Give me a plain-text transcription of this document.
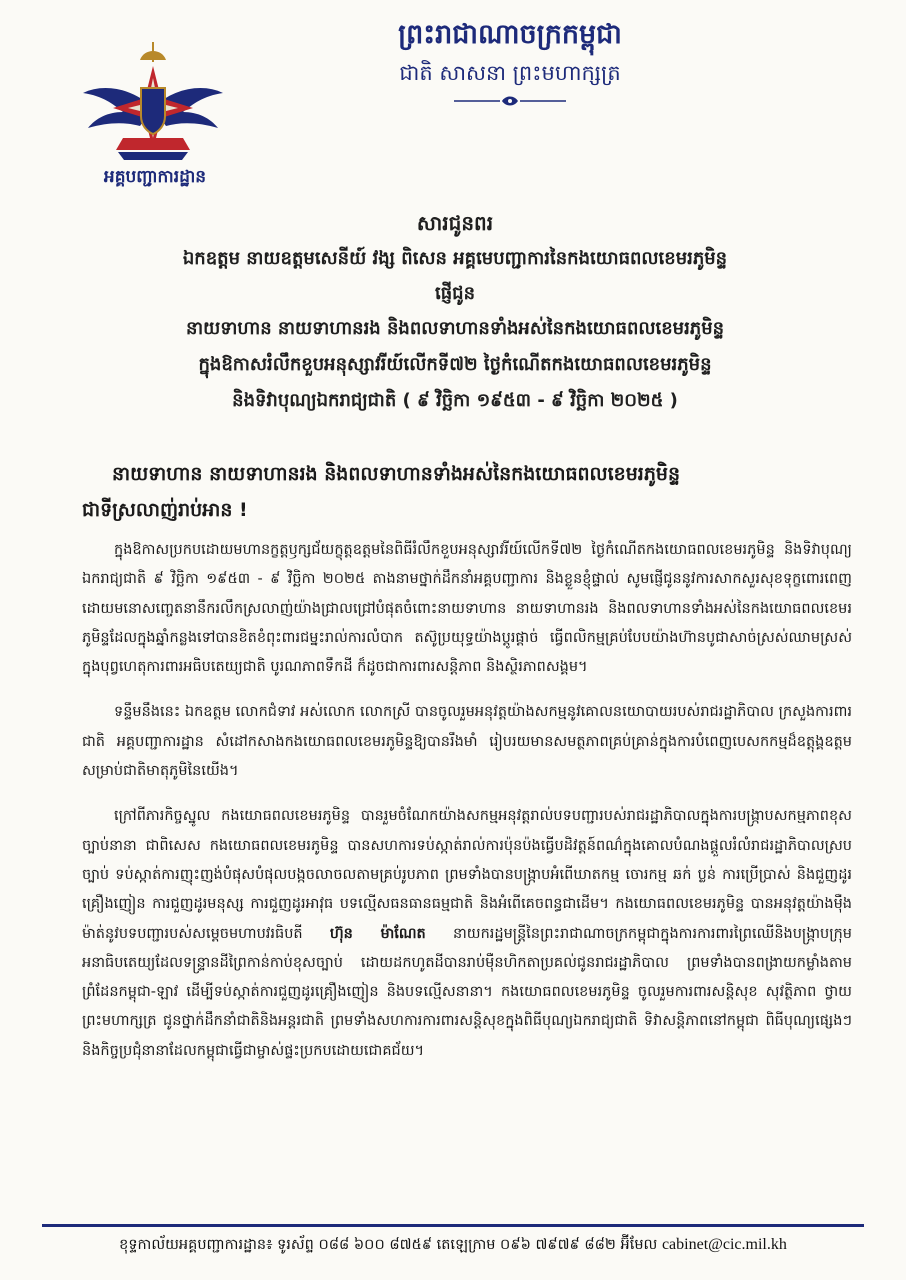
អគ្គបញ្ជាការដ្ឋាន
ព្រះរាជាណាចក្រកម្ពុជា
ជាតិ សាសនា ព្រះមហាក្សត្រ
សារជូនពរ
ឯកឧត្តម នាយឧត្តមសេនីយ៍ វង្ស ពិសេន អគ្គមេបញ្ជាការនៃកងយោធពលខេមរភូមិន្ទ
ផ្ញើជូន
នាយទាហាន នាយទាហានរង និងពលទាហានទាំងអស់នៃកងយោធពលខេមរភូមិន្ទ
ក្នុងឱកាសរំលឹកខួបអនុស្សាវរីយ៍លើកទី៧២ ថ្ងៃកំណើតកងយោធពលខេមរភូមិន្ទ
និងទិវាបុណ្យឯករាជ្យជាតិ ( ៩ វិច្ឆិកា ១៩៥៣ - ៩ វិច្ឆិកា ២០២៥ )
នាយទាហាន នាយទាហានរង និងពលទាហានទាំងអស់នៃកងយោធពលខេមរភូមិន្ទ
ជាទីស្រលាញ់រាប់អាន !

ក្នុងឱកាសប្រកបដោយមហានក្ខត្តឫក្សជ័យក្ខុត្តឧត្តមនៃពិធីរំលឹកខួបអនុស្សាវរីយ៍លើកទី៧២ ថ្ងៃកំណើតកងយោធពលខេមរភូមិន្ទ និងទិវាបុណ្យឯករាជ្យជាតិ ៩ វិច្ឆិកា ១៩៥៣ - ៩ វិច្ឆិកា ២០២៥ តាងនាមថ្នាក់ដឹកនាំអគ្គបញ្ជាការ និងខ្លួនខ្ញុំផ្ទាល់ សូមផ្ញើជូននូវការសាកសួរសុខទុក្ខពោរពេញដោយមនោសញ្ចេតនានឹករលឹកស្រលាញ់យ៉ាងជ្រាលជ្រៅបំផុតចំពោះនាយទាហាន នាយទាហានរង និងពលទាហានទាំងអស់នៃកងយោធពលខេមរភូមិន្ទដែលក្នុងឆ្នាំកន្លងទៅបានខិតខំពុះពារជម្នះរាល់ការលំបាក តស៊ូប្រយុទ្ធយ៉ាងប្តូរផ្តាច់ ធ្វើពលិកម្មគ្រប់បែបយ៉ាងហ៊ានបូជាសាច់ស្រស់ឈាមស្រស់ក្នុងបុព្វហេតុការពារអធិបតេយ្យជាតិ បូរណភាពទឹកដី ក៏ដូចជាការពារសន្តិភាព និងស្ថិរភាពសង្គម។

ទន្ទឹមនឹងនេះ ឯកឧត្តម លោកជំទាវ អស់លោក លោកស្រី បានចូលរួមអនុវត្តយ៉ាងសកម្មនូវគោលនយោបាយរបស់រាជរដ្ឋាភិបាល ក្រសួងការពារជាតិ អគ្គបញ្ជាការដ្ឋាន សំដៅកសាងកងយោធពលខេមរភូមិន្ទឱ្យបានរឹងមាំ រៀបរយមានសមត្ថភាពគ្រប់គ្រាន់ក្នុងការបំពេញបេសកកម្មដ៏ឧត្តុង្គឧត្តមសម្រាប់ជាតិមាតុភូមិនៃយើង។

ក្រៅពីភារកិច្ចស្នូល កងយោធពលខេមរភូមិន្ទ បានរួមចំណែកយ៉ាងសកម្មអនុវត្តរាល់បទបញ្ជារបស់រាជរដ្ឋាភិបាលក្នុងការបង្ក្រាបសកម្មភាពខុសច្បាប់នានា ជាពិសេស កងយោធពលខេមរភូមិន្ទ បានសហការទប់ស្កាត់រាល់ការប៉ុនប៉ងធ្វើបដិវត្តន៍ពណ៌ក្នុងគោលបំណងផ្តួលរំលំរាជរដ្ឋាភិបាលស្របច្បាប់ ទប់ស្កាត់ការញុះញង់បំផុសបំផុលបង្កចលាចលតាមគ្រប់រូបភាព ព្រមទាំងបានបង្ក្រាបអំពើឃាតកម្ម ចោរកម្ម ឆក់ ប្លន់ ការប្រើប្រាស់ និងជួញដូរគ្រឿងញៀន ការជួញដូរមនុស្ស ការជួញដូរអាវុធ បទល្មើសធនធានធម្មជាតិ និងអំពើគេចពន្ធជាដើម។ កងយោធពលខេមរភូមិន្ទ បានអនុវត្តយ៉ាងម៉ឺងម៉ាត់នូវបទបញ្ជារបស់សម្តេចមហាបវរធិបតី ហ៊ុន ម៉ាណែត នាយករដ្ឋមន្ត្រីនៃព្រះរាជាណាចក្រកម្ពុជាក្នុងការការពារព្រៃឈើនិងបង្ក្រាបក្រុមអនាធិបតេយ្យដែលទន្ទ្រានដីព្រៃកាន់កាប់ខុសច្បាប់ ដោយដកហូតដីបានរាប់ម៉ឺនហិកតាប្រគល់ជូនរាជរដ្ឋាភិបាល ព្រមទាំងបានពង្រាយកម្លាំងតាមព្រំដែនកម្ពុជា-ឡាវ ដើម្បីទប់ស្កាត់ការជួញដូរគ្រឿងញៀន និងបទល្មើសនានា។ កងយោធពលខេមរភូមិន្ទ ចូលរួមការពារសន្តិសុខ សុវត្ថិភាព ថ្វាយព្រះមហាក្សត្រ ជូនថ្នាក់ដឹកនាំជាតិនិងអន្តរជាតិ ព្រមទាំងសហការការពារសន្តិសុខក្នុងពិធីបុណ្យឯករាជ្យជាតិ ទិវាសន្តិភាពនៅកម្ពុជា ពិធីបុណ្យផ្សេងៗ និងកិច្ចប្រជុំនានាដែលកម្ពុជាធ្វើជាម្ចាស់ផ្ទះប្រកបដោយជោគជ័យ។

ខុទ្ទកាល័យអគ្គបញ្ជាការដ្ឋាន៖ ទូរស័ព្ទ ០៨៨ ៦០០ ៨៧៥៩ តេឡេក្រាម ០៩៦ ៧៩៧៩ ៨៨២ អ៊ីមែល cabinet@cic.mil.kh
